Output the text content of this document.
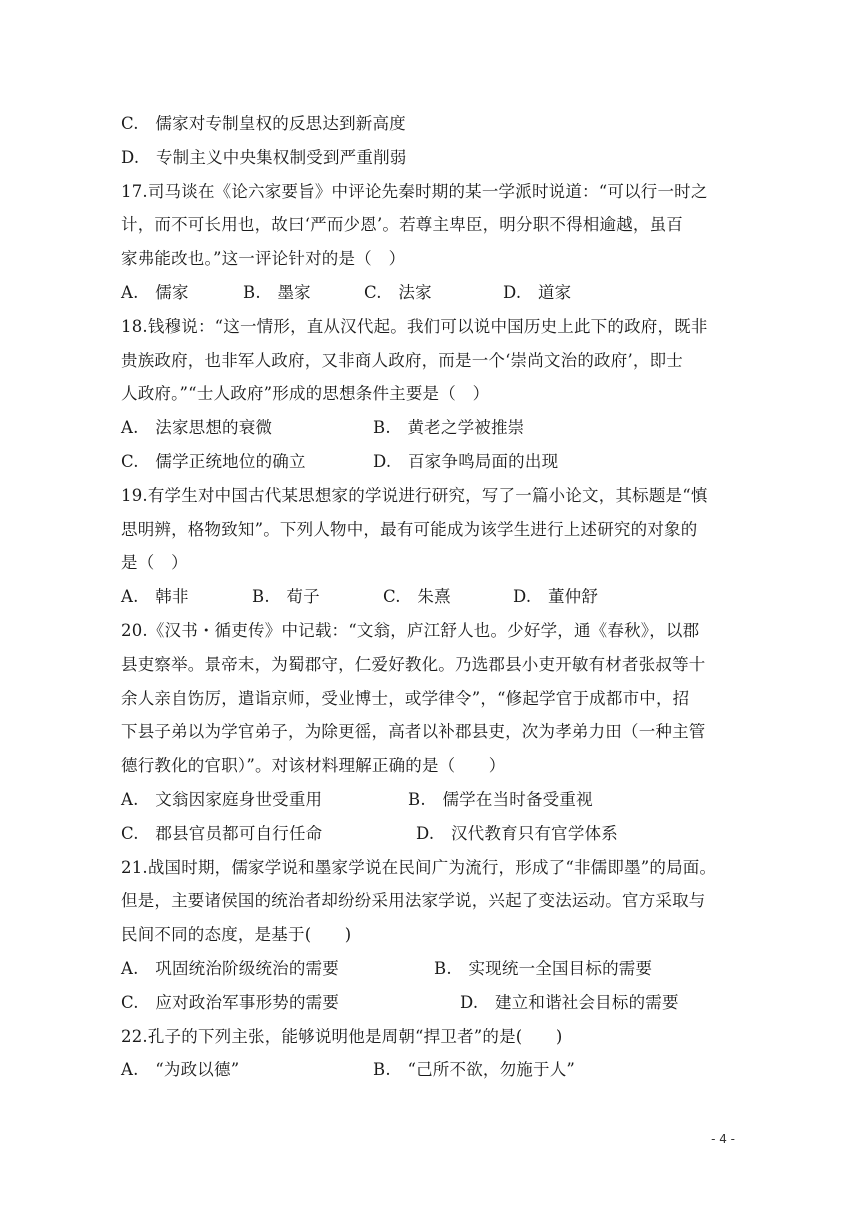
C.　儒家对专制皇权的反思达到新高度
D.　专制主义中央集权制受到严重削弱
17.司马谈在《论六家要旨》中评论先秦时期的某一学派时说道：“可以行一时之
计，而不可长用也，故曰‘严而少恩’。若尊主卑臣，明分职不得相逾越，虽百
家弗能改也。”这一评论针对的是（　）
A.　儒家	B.　墨家	C.　法家	D.　道家
18.钱穆说：“这一情形，直从汉代起。我们可以说中国历史上此下的政府，既非
贵族政府，也非军人政府，又非商人政府，而是一个‘崇尚文治的政府’，即士
人政府。”“士人政府”形成的思想条件主要是（　）
A.　法家思想的衰微	B.　黄老之学被推崇
C.　儒学正统地位的确立	D.　百家争鸣局面的出现
19.有学生对中国古代某思想家的学说进行研究，写了一篇小论文，其标题是“慎
思明辨，格物致知”。下列人物中，最有可能成为该学生进行上述研究的对象的
是（　）
A.　韩非	B.　荀子	C.　朱熹	D.　董仲舒
20.《汉书・循吏传》中记载：“文翁，庐江舒人也。少好学，通《春秋》，以郡
县吏察举。景帝末，为蜀郡守，仁爱好教化。乃选郡县小吏开敏有材者张叔等十
余人亲自饬厉，遣诣京师，受业博士，或学律令”，“修起学官于成都市中，招
下县子弟以为学官弟子，为除更徭，高者以补郡县吏，次为孝弟力田（一种主管
德行教化的官职）”。对该材料理解正确的是（　　）
A.　文翁因家庭身世受重用	B.　儒学在当时备受重视
C.　郡县官员都可自行任命	D.　汉代教育只有官学体系
21.战国时期，儒家学说和墨家学说在民间广为流行，形成了“非儒即墨”的局面。
但是，主要诸侯国的统治者却纷纷采用法家学说，兴起了变法运动。官方采取与
民间不同的态度，是基于(　　)
A.　巩固统治阶级统治的需要	B.　实现统一全国目标的需要
C.　应对政治军事形势的需要	D.　建立和谐社会目标的需要
22.孔子的下列主张，能够说明他是周朝“捍卫者”的是(　　)
A.　“为政以德”	B.　“己所不欲，勿施于人”
- 4 -
